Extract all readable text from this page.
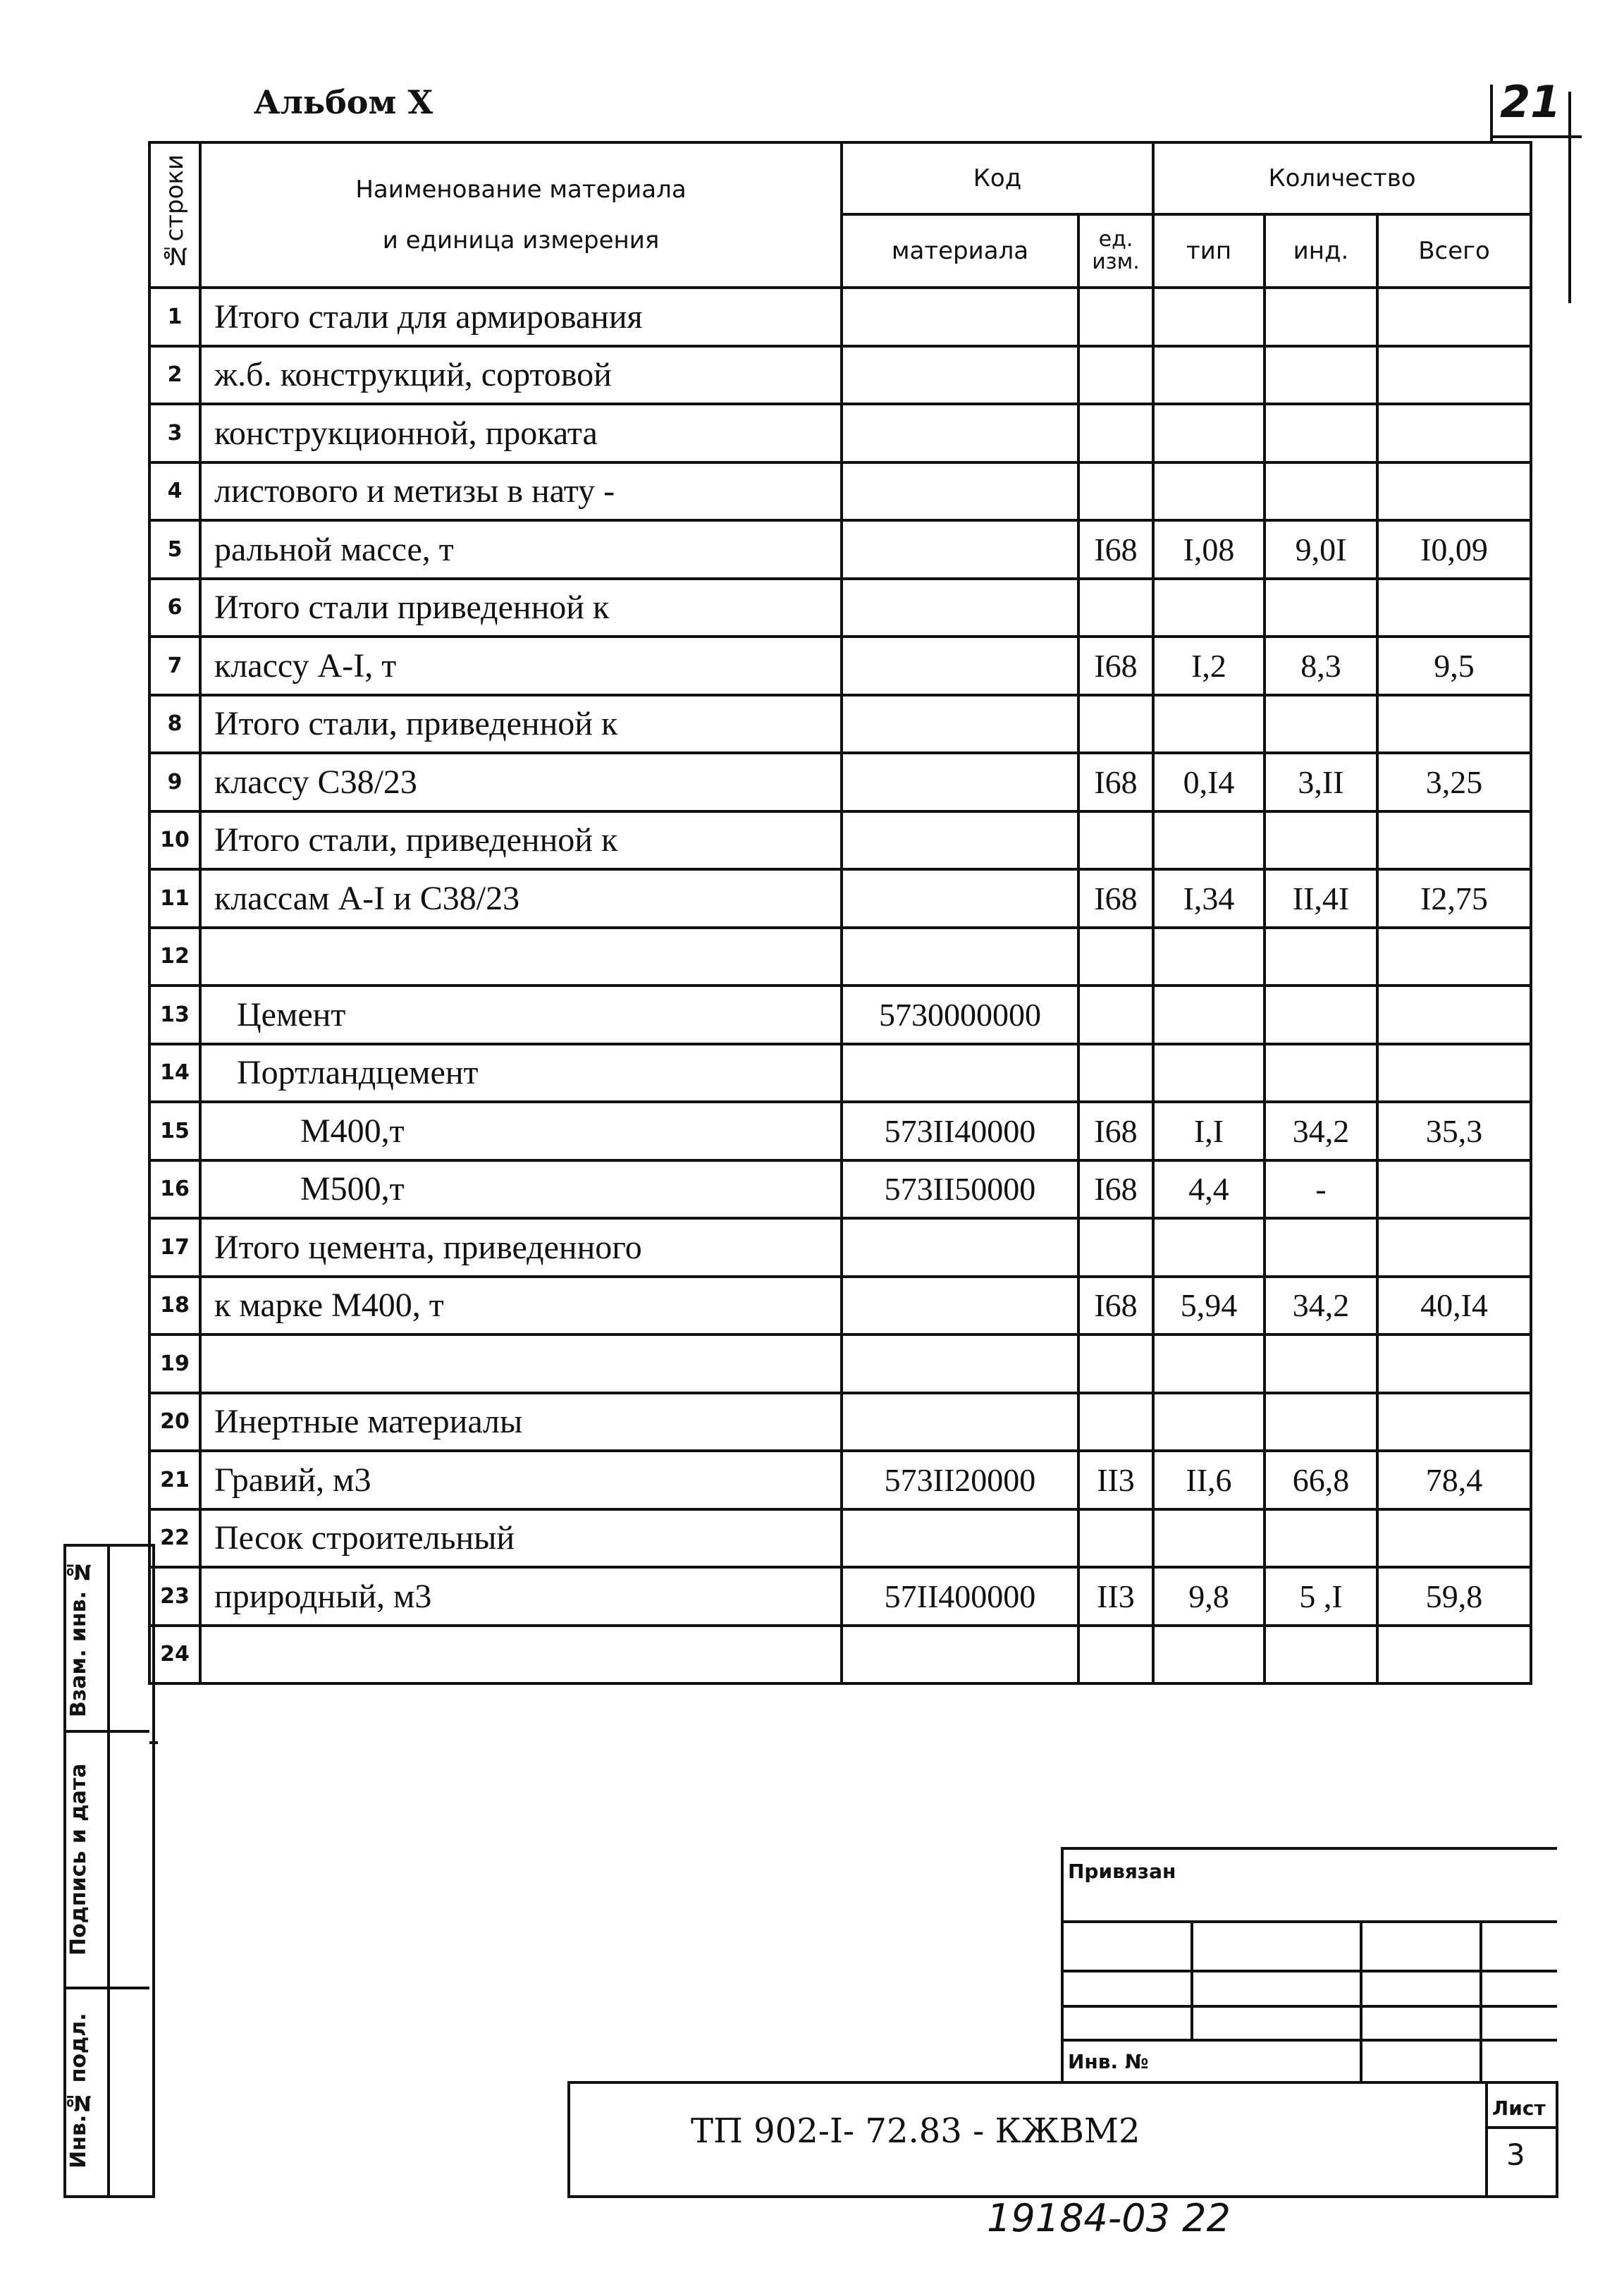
Альбом X	21
№строки	Наименование материала
и единица измерения	Код		Количество		
		материала	ед. изм.	тип	инд.	Всего
1	Итого стали для армирования					
2	ж.б. конструкций, сортовой					
3	конструкционной, проката					
4	листового и метизы в нату -					
5	ральной массе, т		I68	I,08	9,0I	I0,09
6	Итого стали приведенной к					
7	классу А-I, т		I68	I,2	8,3	9,5
8	Итого стали, приведенной к					
9	классу С38/23		I68	0,I4	3,II	3,25
10	Итого стали, приведенной к					
11	классам А-I и С38/23		I68	I,34	II,4I	I2,75
12						
13	Цемент	5730000000				
14	Портландцемент					
15	М400,т	573II40000	I68	I,I	34,2	35,3
16	М500,т	573II50000	I68	4,4	-	
17	Итого цемента, приведенного					
18	к марке М400, т		I68	5,94	34,2	40,I4
19						
20	Инертные материалы					
21	Гравий, м3	573II20000	II3	II,6	66,8	78,4
22	Песок строительный					
23	природный, м3	57II400000	II3	9,8	5 ,I	59,8
24						
Взам. инв. №
Подпись и дата
Инв.№ подл.
Привязан
Инв. №
Лист
3
ТП 902-I- 72.83 - КЖВМ2
19184-03 22
